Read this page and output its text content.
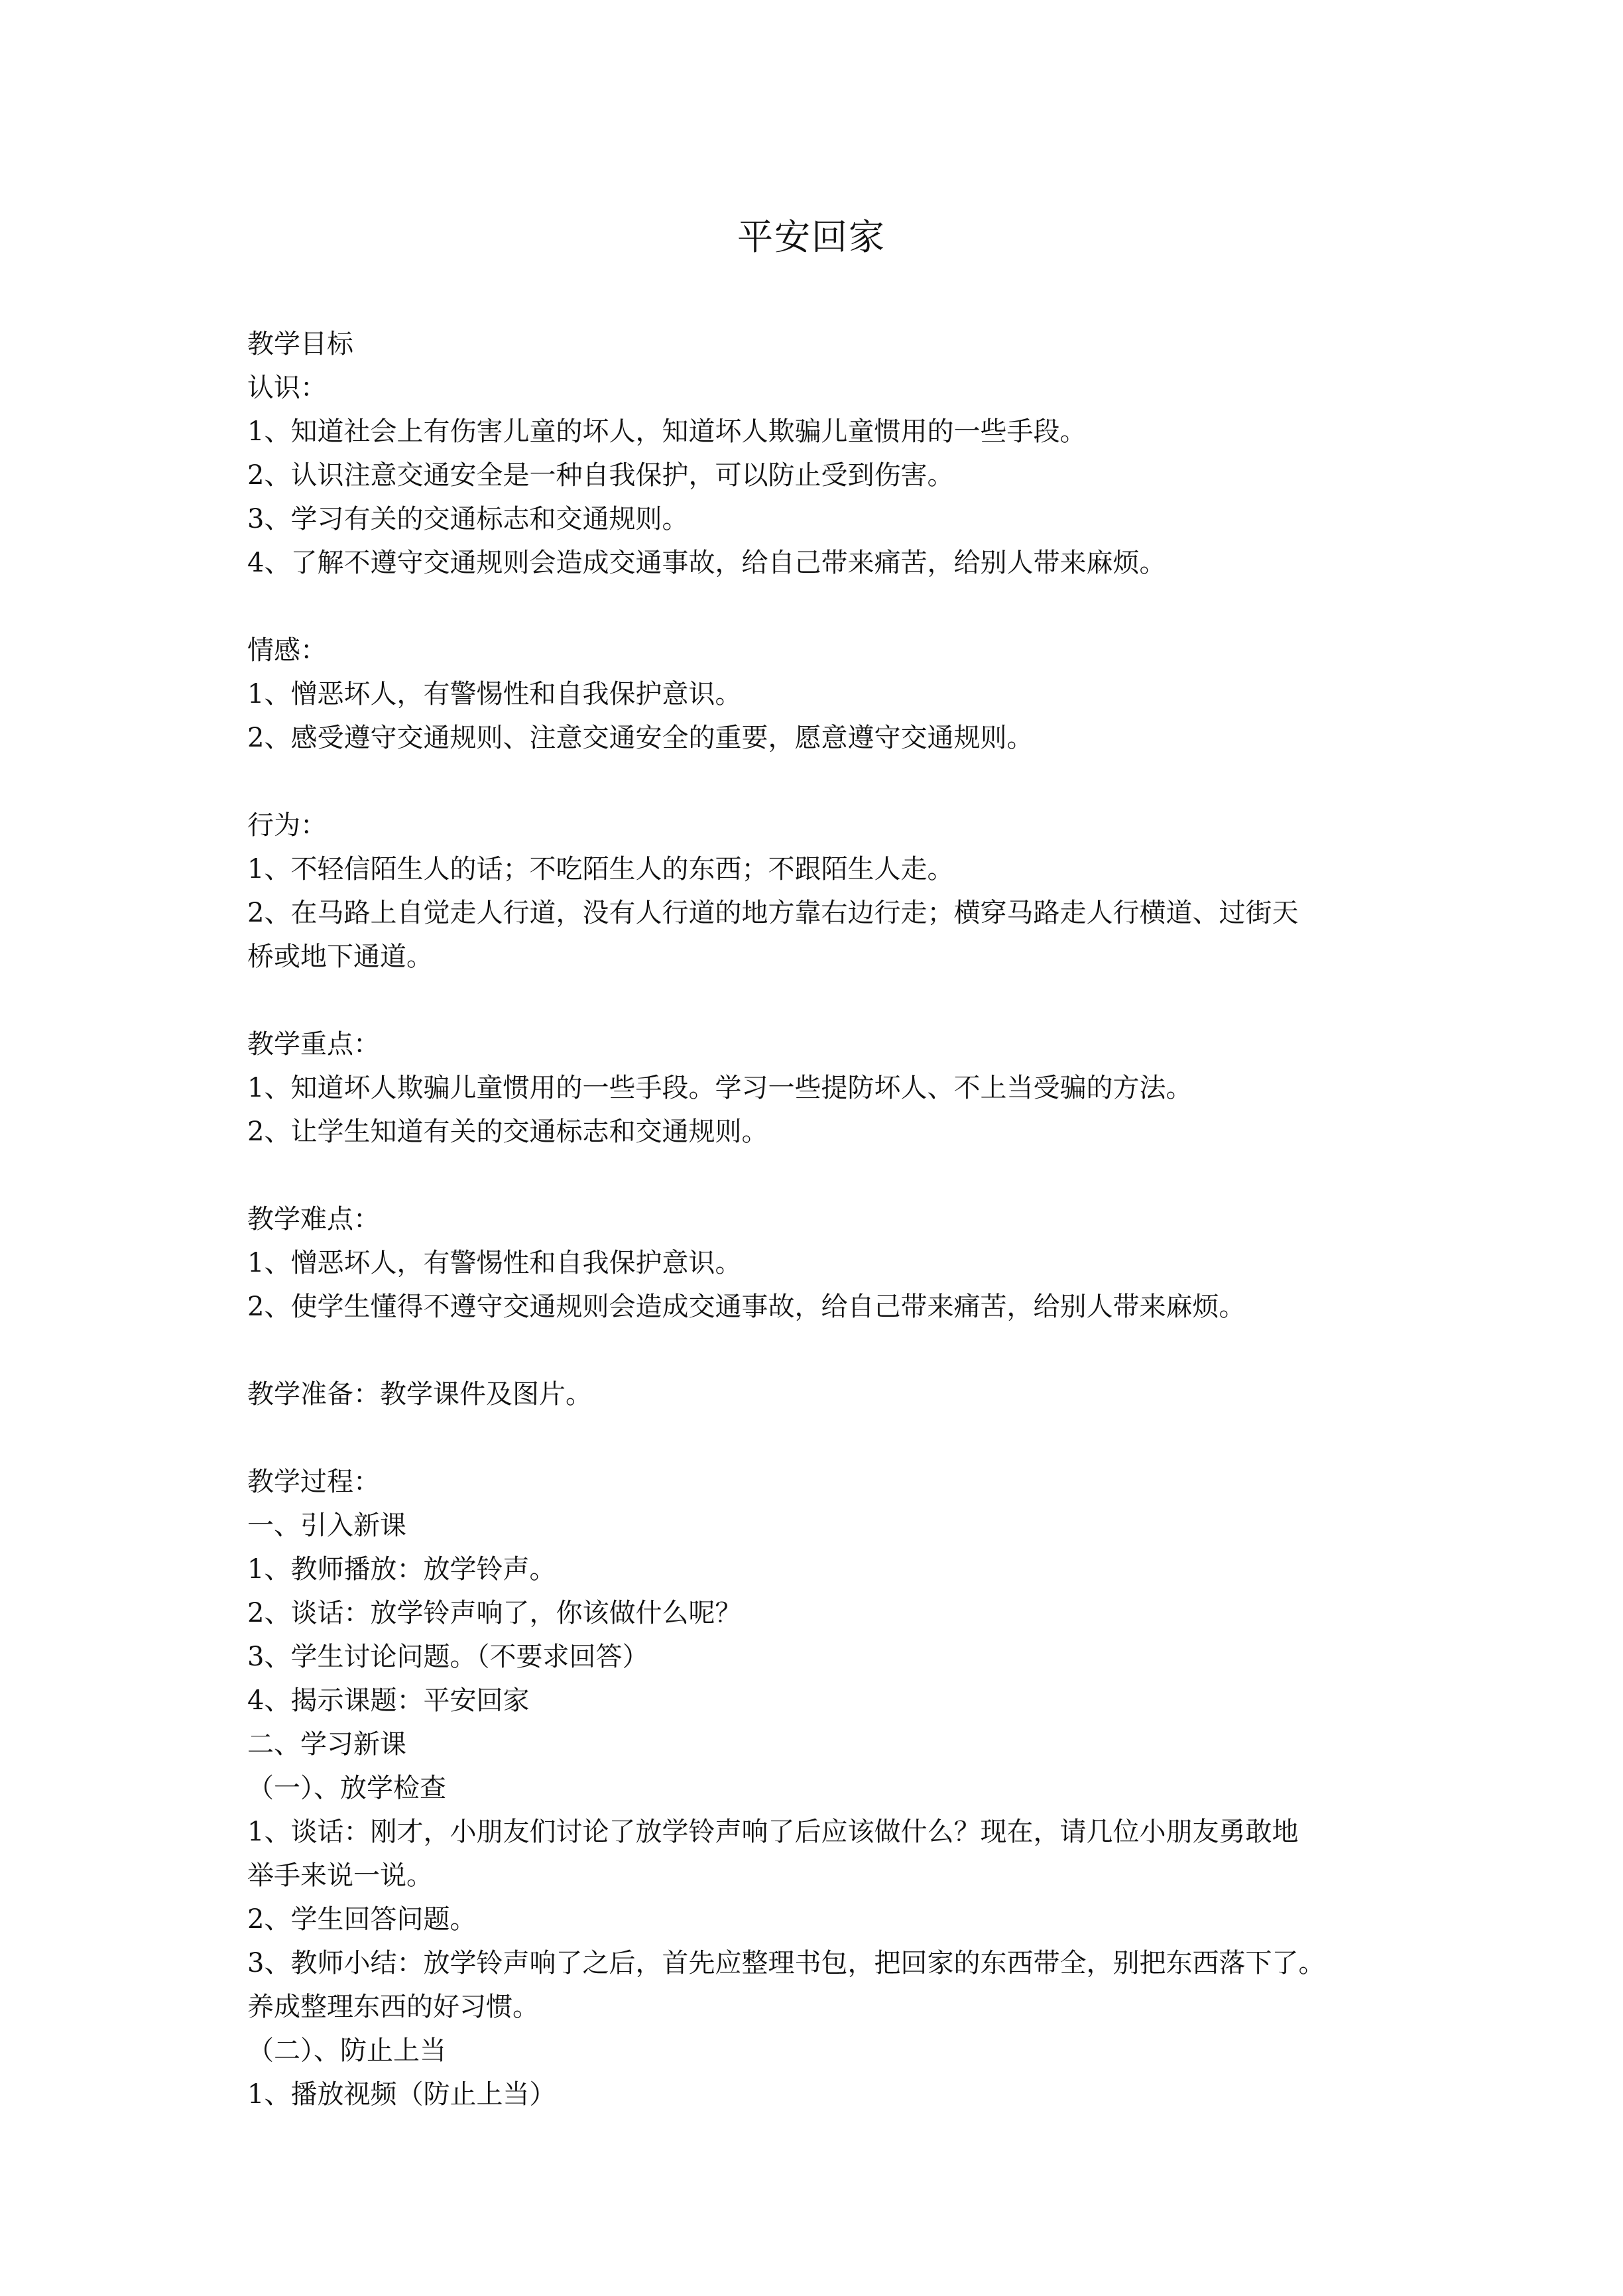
平安回家
教学目标
认识：
1、知道社会上有伤害儿童的坏人，知道坏人欺骗儿童惯用的一些手段。
2、认识注意交通安全是一种自我保护，可以防止受到伤害。
3、学习有关的交通标志和交通规则。
4、了解不遵守交通规则会造成交通事故，给自己带来痛苦，给别人带来麻烦。
情感：
1、憎恶坏人，有警惕性和自我保护意识。
2、感受遵守交通规则、注意交通安全的重要，愿意遵守交通规则。
行为：
1、不轻信陌生人的话；不吃陌生人的东西；不跟陌生人走。
2、在马路上自觉走人行道，没有人行道的地方靠右边行走；横穿马路走人行横道、过街天
桥或地下通道。
教学重点：
1、知道坏人欺骗儿童惯用的一些手段。学习一些提防坏人、不上当受骗的方法。
2、让学生知道有关的交通标志和交通规则。
教学难点：
1、憎恶坏人，有警惕性和自我保护意识。
2、使学生懂得不遵守交通规则会造成交通事故，给自己带来痛苦，给别人带来麻烦。
教学准备：教学课件及图片。
教学过程：
一、引入新课
1、教师播放：放学铃声。
2、谈话：放学铃声响了，你该做什么呢？
3、学生讨论问题。（不要求回答）
4、揭示课题：平安回家
二、学习新课
（一）、放学检查
1、谈话：刚才，小朋友们讨论了放学铃声响了后应该做什么？现在，请几位小朋友勇敢地
举手来说一说。
2、学生回答问题。
3、教师小结：放学铃声响了之后，首先应整理书包，把回家的东西带全，别把东西落下了。
养成整理东西的好习惯。
（二）、防止上当
1、播放视频（防止上当）
